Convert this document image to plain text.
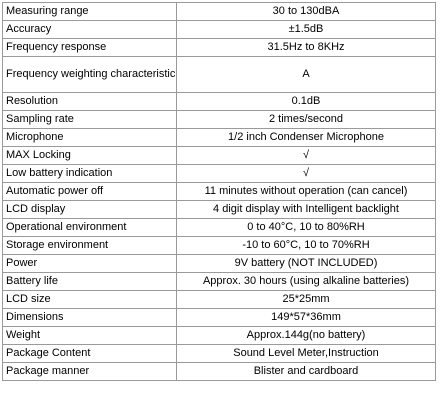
Measuring range	30 to 130dBA
Accuracy	±1.5dB
Frequency response	31.5Hz to 8KHz
Frequency weighting characteristic	A
Resolution	0.1dB
Sampling rate	2 times/second
Microphone	1/2 inch Condenser Microphone
MAX Locking	√
Low battery indication	√
Automatic power off	11 minutes without operation (can cancel)
LCD display	4 digit display with Intelligent backlight
Operational environment	0 to 40°C, 10 to 80%RH
Storage environment	-10 to 60°C, 10 to 70%RH
Power	9V battery (NOT INCLUDED)
Battery life	Approx. 30 hours (using alkaline batteries)
LCD size	25*25mm
Dimensions	149*57*36mm
Weight	Approx.144g(no battery)
Package Content	Sound Level Meter,Instruction
Package manner	Blister and cardboard
